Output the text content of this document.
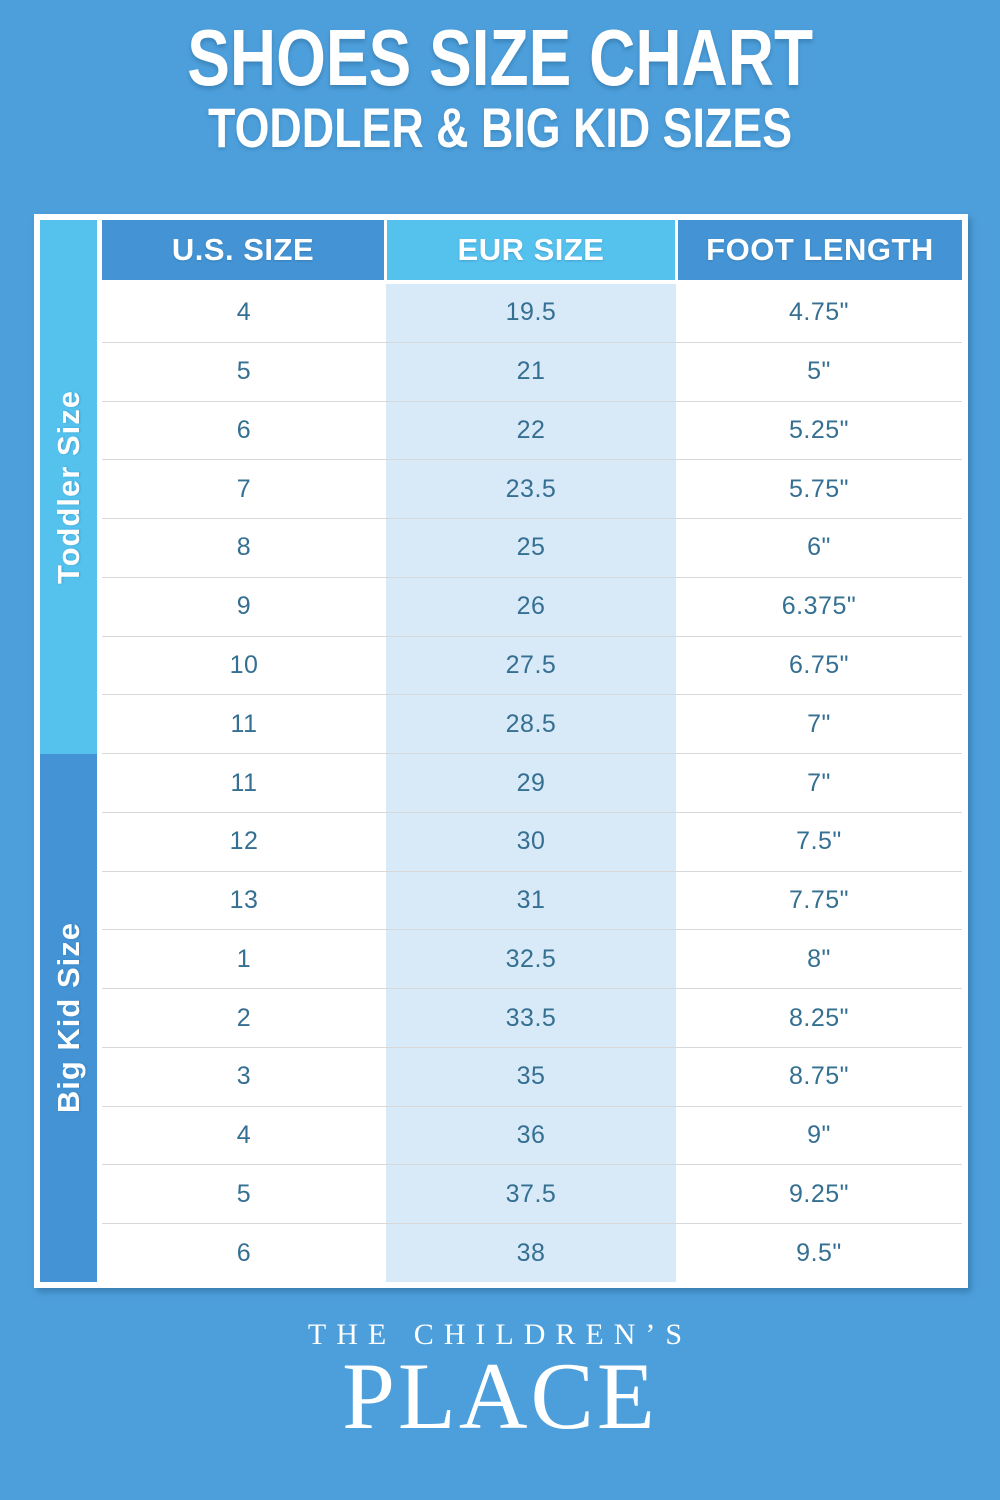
SHOES SIZE CHART
TODDLER & BIG KID SIZES
Toddler Size
Big Kid Size
U.S. SIZE	EUR SIZE	FOOT LENGTH
4	19.5	4.75"
5	21	5"
6	22	5.25"
7	23.5	5.75"
8	25	6"
9	26	6.375"
10	27.5	6.75"
11	28.5	7"
11	29	7"
12	30	7.5"
13	31	7.75"
1	32.5	8"
2	33.5	8.25"
3	35	8.75"
4	36	9"
5	37.5	9.25"
6	38	9.5"
THE CHILDREN’S
PLACE
